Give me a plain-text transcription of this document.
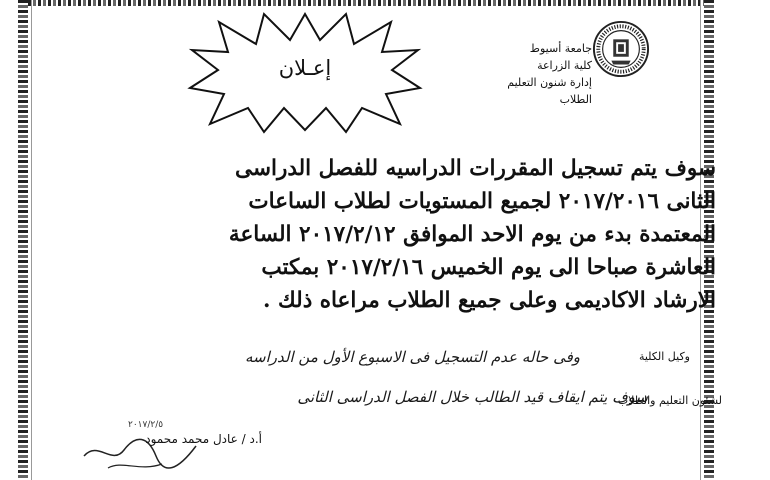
جامعة أسيوط
كلية الزراعة
إدارة شنون التعليم الطلاب
إعـلان

سوف يتم تسجيل المقررات الدراسيه للفصل الدراسى

الثانى ٢٠١٧/٢٠١٦ لجميع المستويات لطلاب الساعات

المعتمدة بدء من يوم الاحد الموافق ٢٠١٧/٢/١٢ الساعة

العاشرة صباحا الى يوم الخميس ٢٠١٧/٢/١٦ بمكتب

الارشاد الاكاديمى وعلى جميع الطلاب مراعاه ذلك .

وفى حاله عدم التسجيل فى الاسبوع الأول من الدراسه
سوف يتم ايقاف قيد الطالب خلال الفصل الدراسى الثانى
وكيل الكلية
لشئون التعليم والطلاب
٢٠١٧/٢/٥
أ.د / عادل محمد محمود
